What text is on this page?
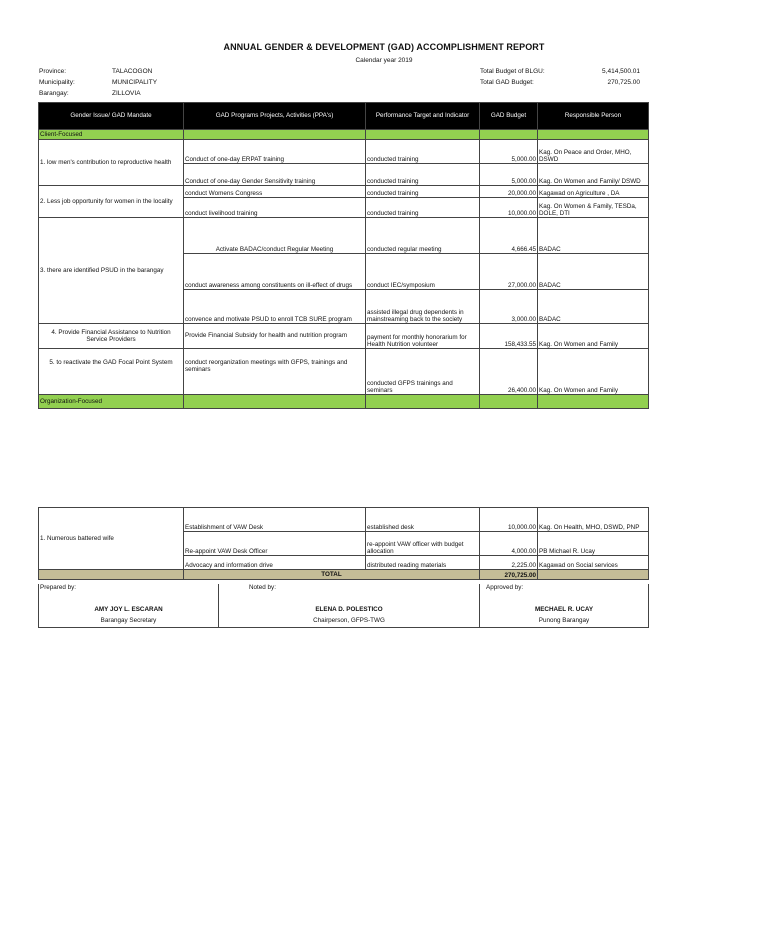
ANNUAL GENDER & DEVELOPMENT (GAD) ACCOMPLISHMENT REPORT
Calendar year 2019
Province:	TALACOGON
Municipality:	MUNICIPALITY
Barangay:	ZILLOVIA
Total Budget of BLGU:	5,414,500.01
Total GAD Budget:	270,725.00
Gender Issue/ GAD Mandate	GAD Programs Projects, Activities (PPA's)	Performance Target and Indicator	GAD Budget	Responsible Person
Client-Focused				
1. low men's contribution to reproductive health	Conduct of one-day ERPAT training	conducted training	5,000.00	Kag. On Peace and Order, MHO, DSWD
	Conduct of one-day Gender Sensitivity training	conducted training	5,000.00	Kag. On Women and Family/ DSWD
2. Less job opportunity for women in the locality	conduct Womens Congress	conducted training	20,000.00	Kagawad on Agriculture , DA
	conduct livelihood training	conducted training	10,000.00	Kag. On Women & Family, TESDa, DOLE, DTI
3. there are identified PSUD in the barangay	Activate BADAC/conduct Regular Meeting	conducted regular meeting	4,666.45	BADAC
	conduct awareness among constituents on ill-effect of drugs	conduct IEC/symposium	27,000.00	BADAC
	convence and motivate PSUD to enroll TCB SURE program	assisted illegal drug dependents in mainstreaming back to the society	3,000.00	BADAC
4. Provide Financial Assistance to Nutrition Service Providers	Provide Financial Subsidy for health and nutrition program	payment for monthly honorarium for Health Nutrition volunteer	158,433.55	Kag. On Women and Family
5. to reactivate the GAD Focal Point System	conduct reorganization meetings with GFPS, trainings and seminars	conducted GFPS trainings and seminars	26,400.00	Kag. On Women and Family
Organization-Focused				
1. Numerous battered wife	Establishment of VAW Desk	established desk	10,000.00	Kag. On Health, MHO, DSWD, PNP
	Re-appoint VAW Desk Officer	re-appoint VAW officer with budget allocation	4,000.00	PB Michael R. Ucay
	Advocacy and information drive	distributed reading materials	2,225.00	Kagawad on Social services
	TOTAL		270,725.00	
Prepared by:	Noted by:	Approved by:
AMY JOY L. ESCARAN	ELENA D. POLESTICO	MECHAEL R. UCAY
Barangay Secretary	Chairperson, GFPS-TWG	Punong Barangay
